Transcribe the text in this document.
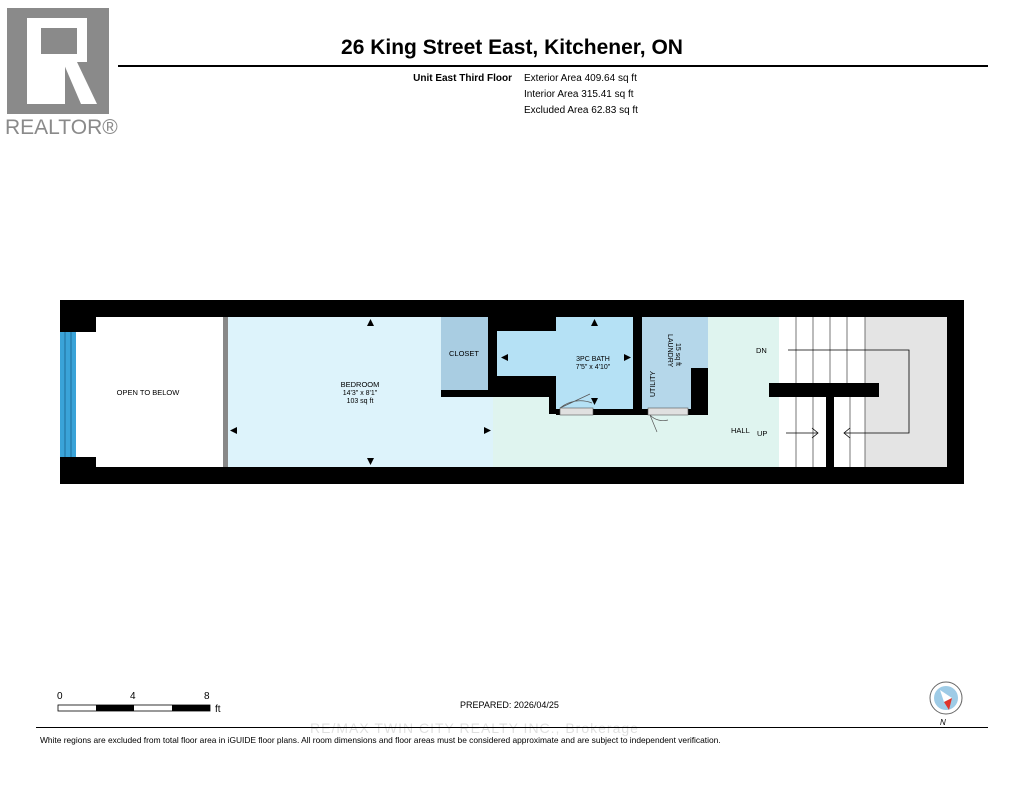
REALTOR®
26 King Street East, Kitchener, ON
Unit East Third Floor Exterior Area 409.64 sq ft
Interior Area 315.41 sq ft
Excluded Area 62.83 sq ft
OPEN TO BELOW
BEDROOM
14'3" x 8'1"
103 sq ft
CLOSET
3PC BATH
7'5" x 4'10"
LAUNDRY 15 sq ft
UTILITY
HALL UP
DN
0	4	8
ft	PREPARED: 2026/04/25
RE/MAX TWIN CITY REALTY INC., Brokerage
White regions are excluded from total floor area in iGUIDE floor plans. All room dimensions and floor areas must be considered approximate and are subject to independent verification.
N
